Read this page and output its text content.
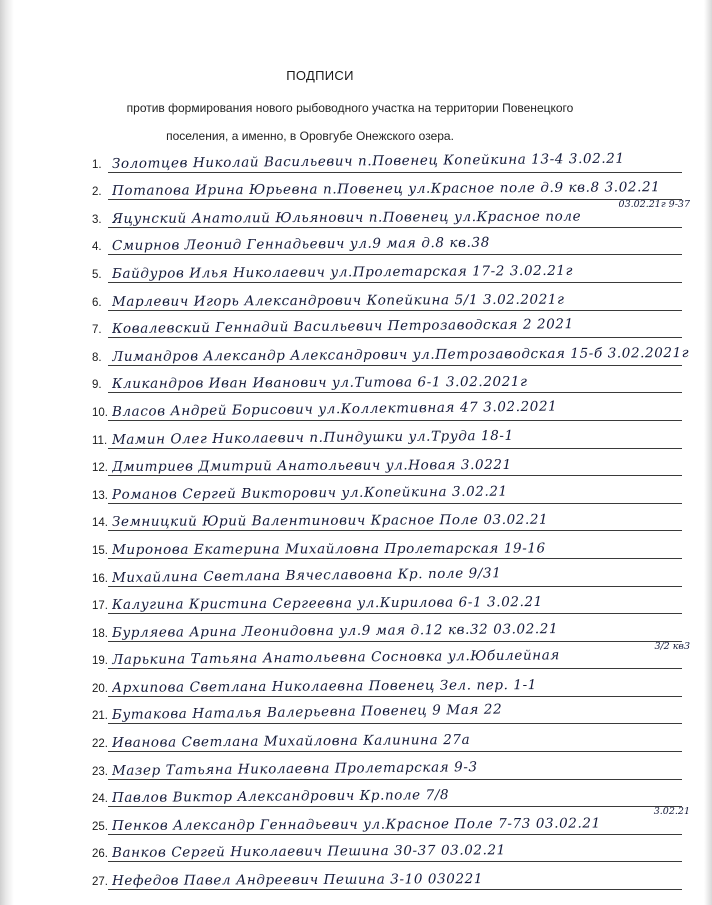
ПОДПИСИ
против формирования нового рыбоводного участка на территории Повенецкого
поселения, а именно, в Оровгубе Онежского озера.
1. Золотцев Николай Васильевич п.Повенец Копейкина 13-4 3.02.21
2. Потапова Ирина Юрьевна п.Повенец ул.Красное поле д.9 кв.8 3.02.21
3. Яцунский Анатолий Юльянович п.Повенец ул.Красное поле
03.02.21г 9-37
4. Смирнов Леонид Геннадьевич ул.9 мая д.8 кв.38
5. Байдуров Илья Николаевич ул.Пролетарская 17-2 3.02.21г
6. Марлевич Игорь Александрович Копейкина 5/1 3.02.2021г
7. Ковалевский Геннадий Васильевич Петрозаводская 2 2021
8. Лимандров Александр Александрович ул.Петрозаводская 15-б 3.02.2021г
9. Кликандров Иван Иванович ул.Титова 6-1 3.02.2021г
10. Власов Андрей Борисович ул.Коллективная 47 3.02.2021
11. Мамин Олег Николаевич п.Пиндушки ул.Труда 18-1
12. Дмитриев Дмитрий Анатольевич ул.Новая 3.0221
13. Романов Сергей Викторович ул.Копейкина 3.02.21
14. Земницкий Юрий Валентинович Красное Поле 03.02.21
15. Миронова Екатерина Михайловна Пролетарская 19-16
16. Михайлина Светлана Вячеславовна Кр. поле 9/31
17. Калугина Кристина Сергеевна ул.Кирилова 6-1 3.02.21
18. Бурляева Арина Леонидовна ул.9 мая д.12 кв.32 03.02.21
19. Ларькина Татьяна Анатольевна Сосновка ул.Юбилейная
3/2 кв3
20. Архипова Светлана Николаевна Повенец Зел. пер. 1-1
21. Бутакова Наталья Валерьевна Повенец 9 Мая 22
22. Иванова Светлана Михайловна Калинина 27а
23. Мазер Татьяна Николаевна Пролетарская 9-3
24. Павлов Виктор Александрович Кр.поле 7/8
25. Пенков Александр Геннадьевич ул.Красное Поле 7-73 03.02.21
3.02.21
26. Ванков Сергей Николаевич Пешина 30-37 03.02.21
27. Нефедов Павел Андреевич Пешина 3-10 030221
